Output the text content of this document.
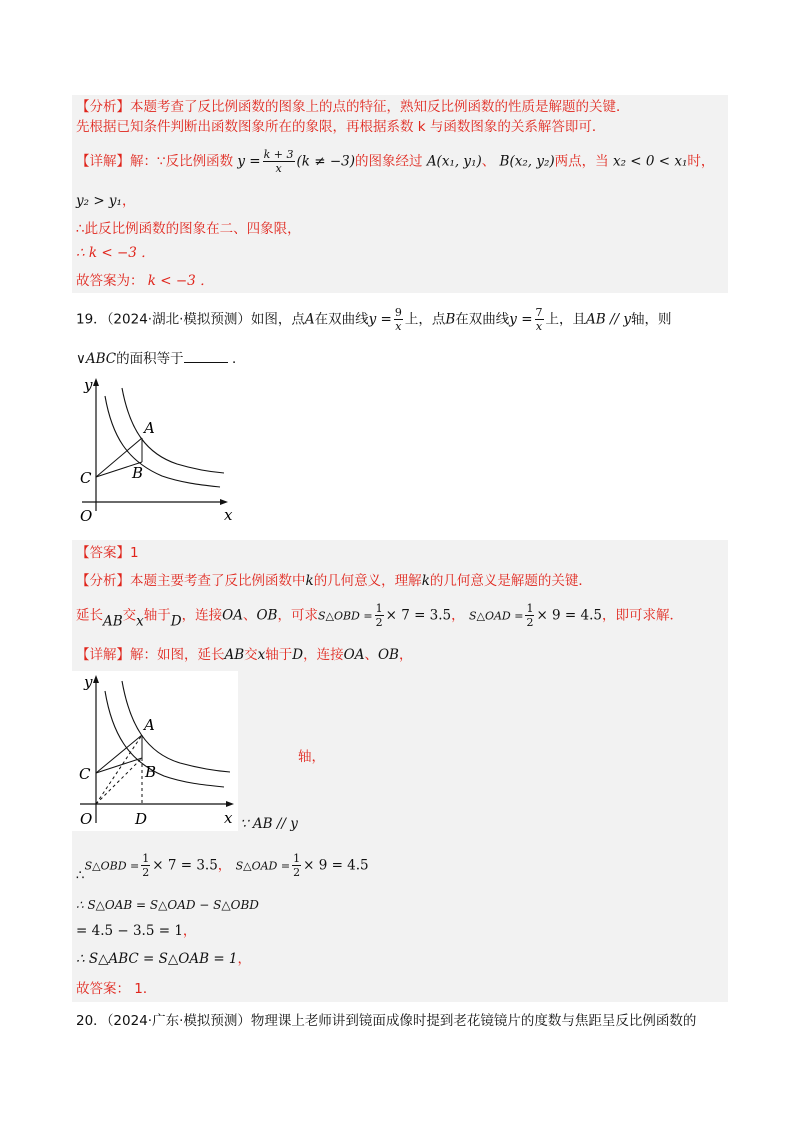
【分析】本题考查了反比例函数的图象上的点的特征，熟知反比例函数的性质是解题的关键．
先根据已知条件判断出函数图象所在的象限，再根据系数 k 与函数图象的关系解答即可．
【详解】解：∵反比例函数 $y = \frac{k + 3}{x} (k \ne -3)$的图象经过 A(x₁, y₁)、 B(x₂, y₂)两点，当 x₂ < 0 < x₁时，
y₂ > y₁，
∴此反比例函数的图象在二、四象限，
∴ k < −3 ．
故答案为： k < −3 ．
19．（2024·湖北·模拟预测）如图，点A在双曲线$y = \frac{9}{x}$ 上，点B在双曲线$y = \frac{7}{x}$ 上，且AB // y轴，则
∨ABC的面积等于	．
y
A
B
C
O	x
【答案】1
【分析】本题主要考查了反比例函数中k的几何意义，理解k的几何意义是解题的关键．
延长AB交x轴于D，连接OA、OB，可求S△OBD = $\frac{1}{2} \times 7 = 3.5$， S△OAD = $\frac{1}{2} \times 9 = 4.5$，即可求解．
【详解】解：如图，延长AB交x轴于D，连接OA、OB，
y
A
B
C
O	D	x
轴，
∵ AB // y
∴S△OBD = $\frac{1}{2} \times 7 = 3.5$， S△OAD = $\frac{1}{2} \times 9 = 4.5$
∴ S△OAB = S△OAD − S△OBD
= 4.5 − 3.5 = 1，
∴ S△ABC = S△OAB = 1，
故答案： 1．
20．（2024·广东·模拟预测）物理课上老师讲到镜面成像时提到老花镜镜片的度数与焦距呈反比例函数的
